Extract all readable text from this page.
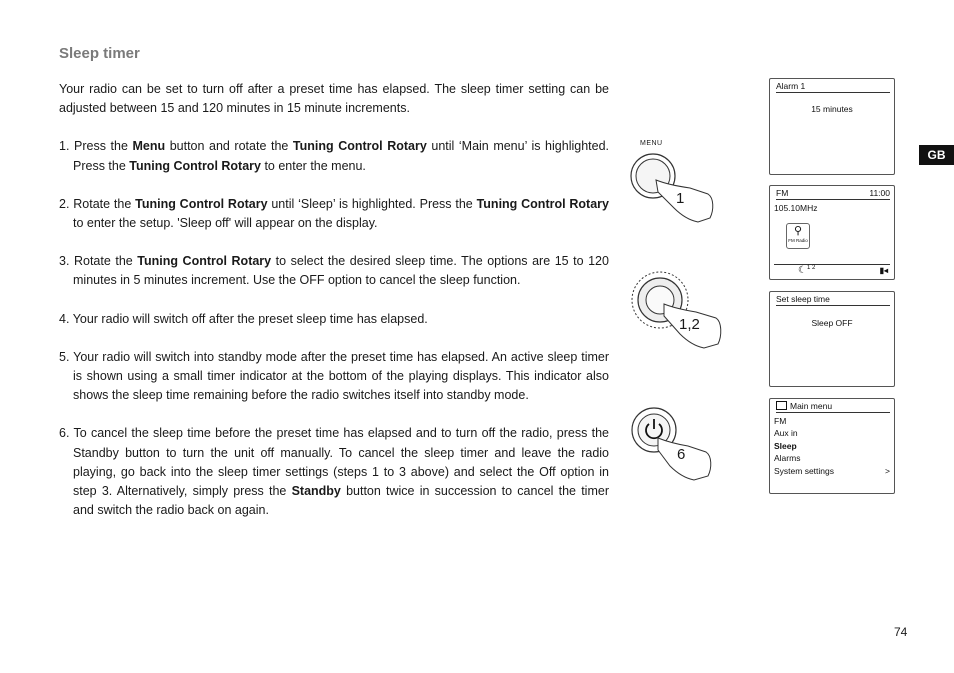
Sleep timer

Your radio can be set to turn off after a preset time has elapsed. The sleep timer setting can be adjusted between 15 and 120 minutes in 15 minute increments.

1. Press the Menu button and rotate the Tuning Control Rotary until ‘Main menu’ is highlighted. Press the Tuning Control Rotary to enter the menu.

2. Rotate the Tuning Control Rotary until ‘Sleep’ is highlighted. Press the Tuning Control Rotary to enter the setup. 'Sleep off' will appear on the display.

3. Rotate the Tuning Control Rotary to select the desired sleep time. The options are 15 to 120 minutes in 5 minutes increment. Use the OFF option to cancel the sleep function.

4. Your radio will switch off after the preset sleep time has elapsed.

5. Your radio will switch into standby mode after the preset time has elapsed. An active sleep timer is shown using a small timer indicator at the bottom of the playing displays. This indicator also shows the sleep time remaining before the radio switches itself into standby mode.

6. To cancel the sleep time before the preset time has elapsed and to turn off the radio, press the Standby button to turn the unit off manually. To cancel the sleep timer and leave the radio playing, go back into the sleep timer settings (steps 1 to 3 above) and select the Off option in step 3. Alternatively, simply press the Standby button twice in succession to cancel the timer and switch the radio back on again.

MENU
1
1,2
6
Alarm 1
15 minutes
FM	11:00
105.10MHz
⚲
FM Radio
☾$^{1 2}$	▮◂
Set sleep time
Sleep OFF
Main menu
FM
Aux in
Sleep
Alarms
System settings	>
GB
74
